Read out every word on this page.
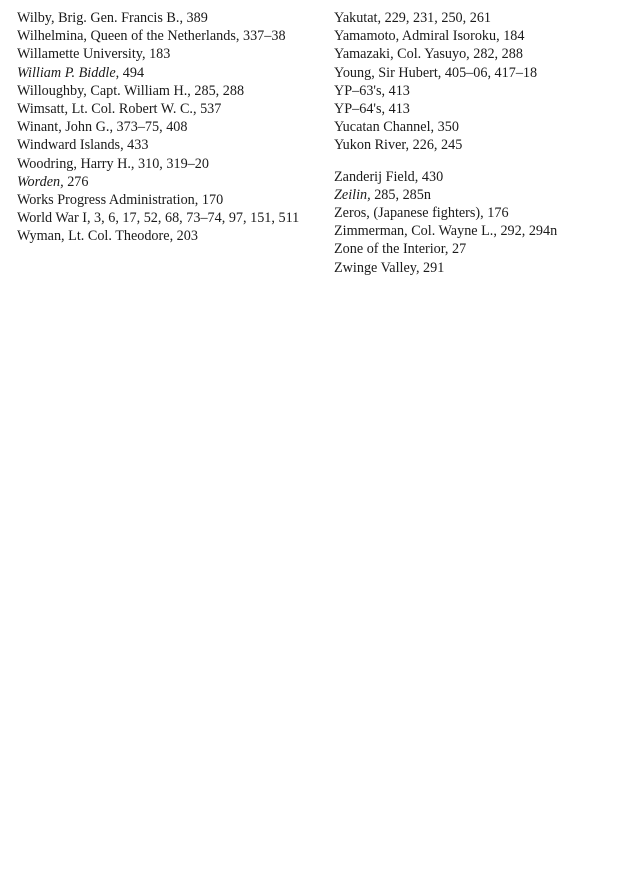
Wilby, Brig. Gen. Francis B., 389
Wilhelmina, Queen of the Netherlands, 337–38
Willamette University, 183
William P. Biddle, 494
Willoughby, Capt. William H., 285, 288
Wimsatt, Lt. Col. Robert W. C., 537
Winant, John G., 373–75, 408
Windward Islands, 433
Woodring, Harry H., 310, 319–20
Worden, 276
Works Progress Administration, 170
World War I, 3, 6, 17, 52, 68, 73–74, 97, 151, 511
Wyman, Lt. Col. Theodore, 203
Yakutat, 229, 231, 250, 261
Yamamoto, Admiral Isoroku, 184
Yamazaki, Col. Yasuyo, 282, 288
Young, Sir Hubert, 405–06, 417–18
YP–63's, 413
YP–64's, 413
Yucatan Channel, 350
Yukon River, 226, 245
Zanderij Field, 430
Zeilin, 285, 285n
Zeros, (Japanese fighters), 176
Zimmerman, Col. Wayne L., 292, 294n
Zone of the Interior, 27
Zwinge Valley, 291
